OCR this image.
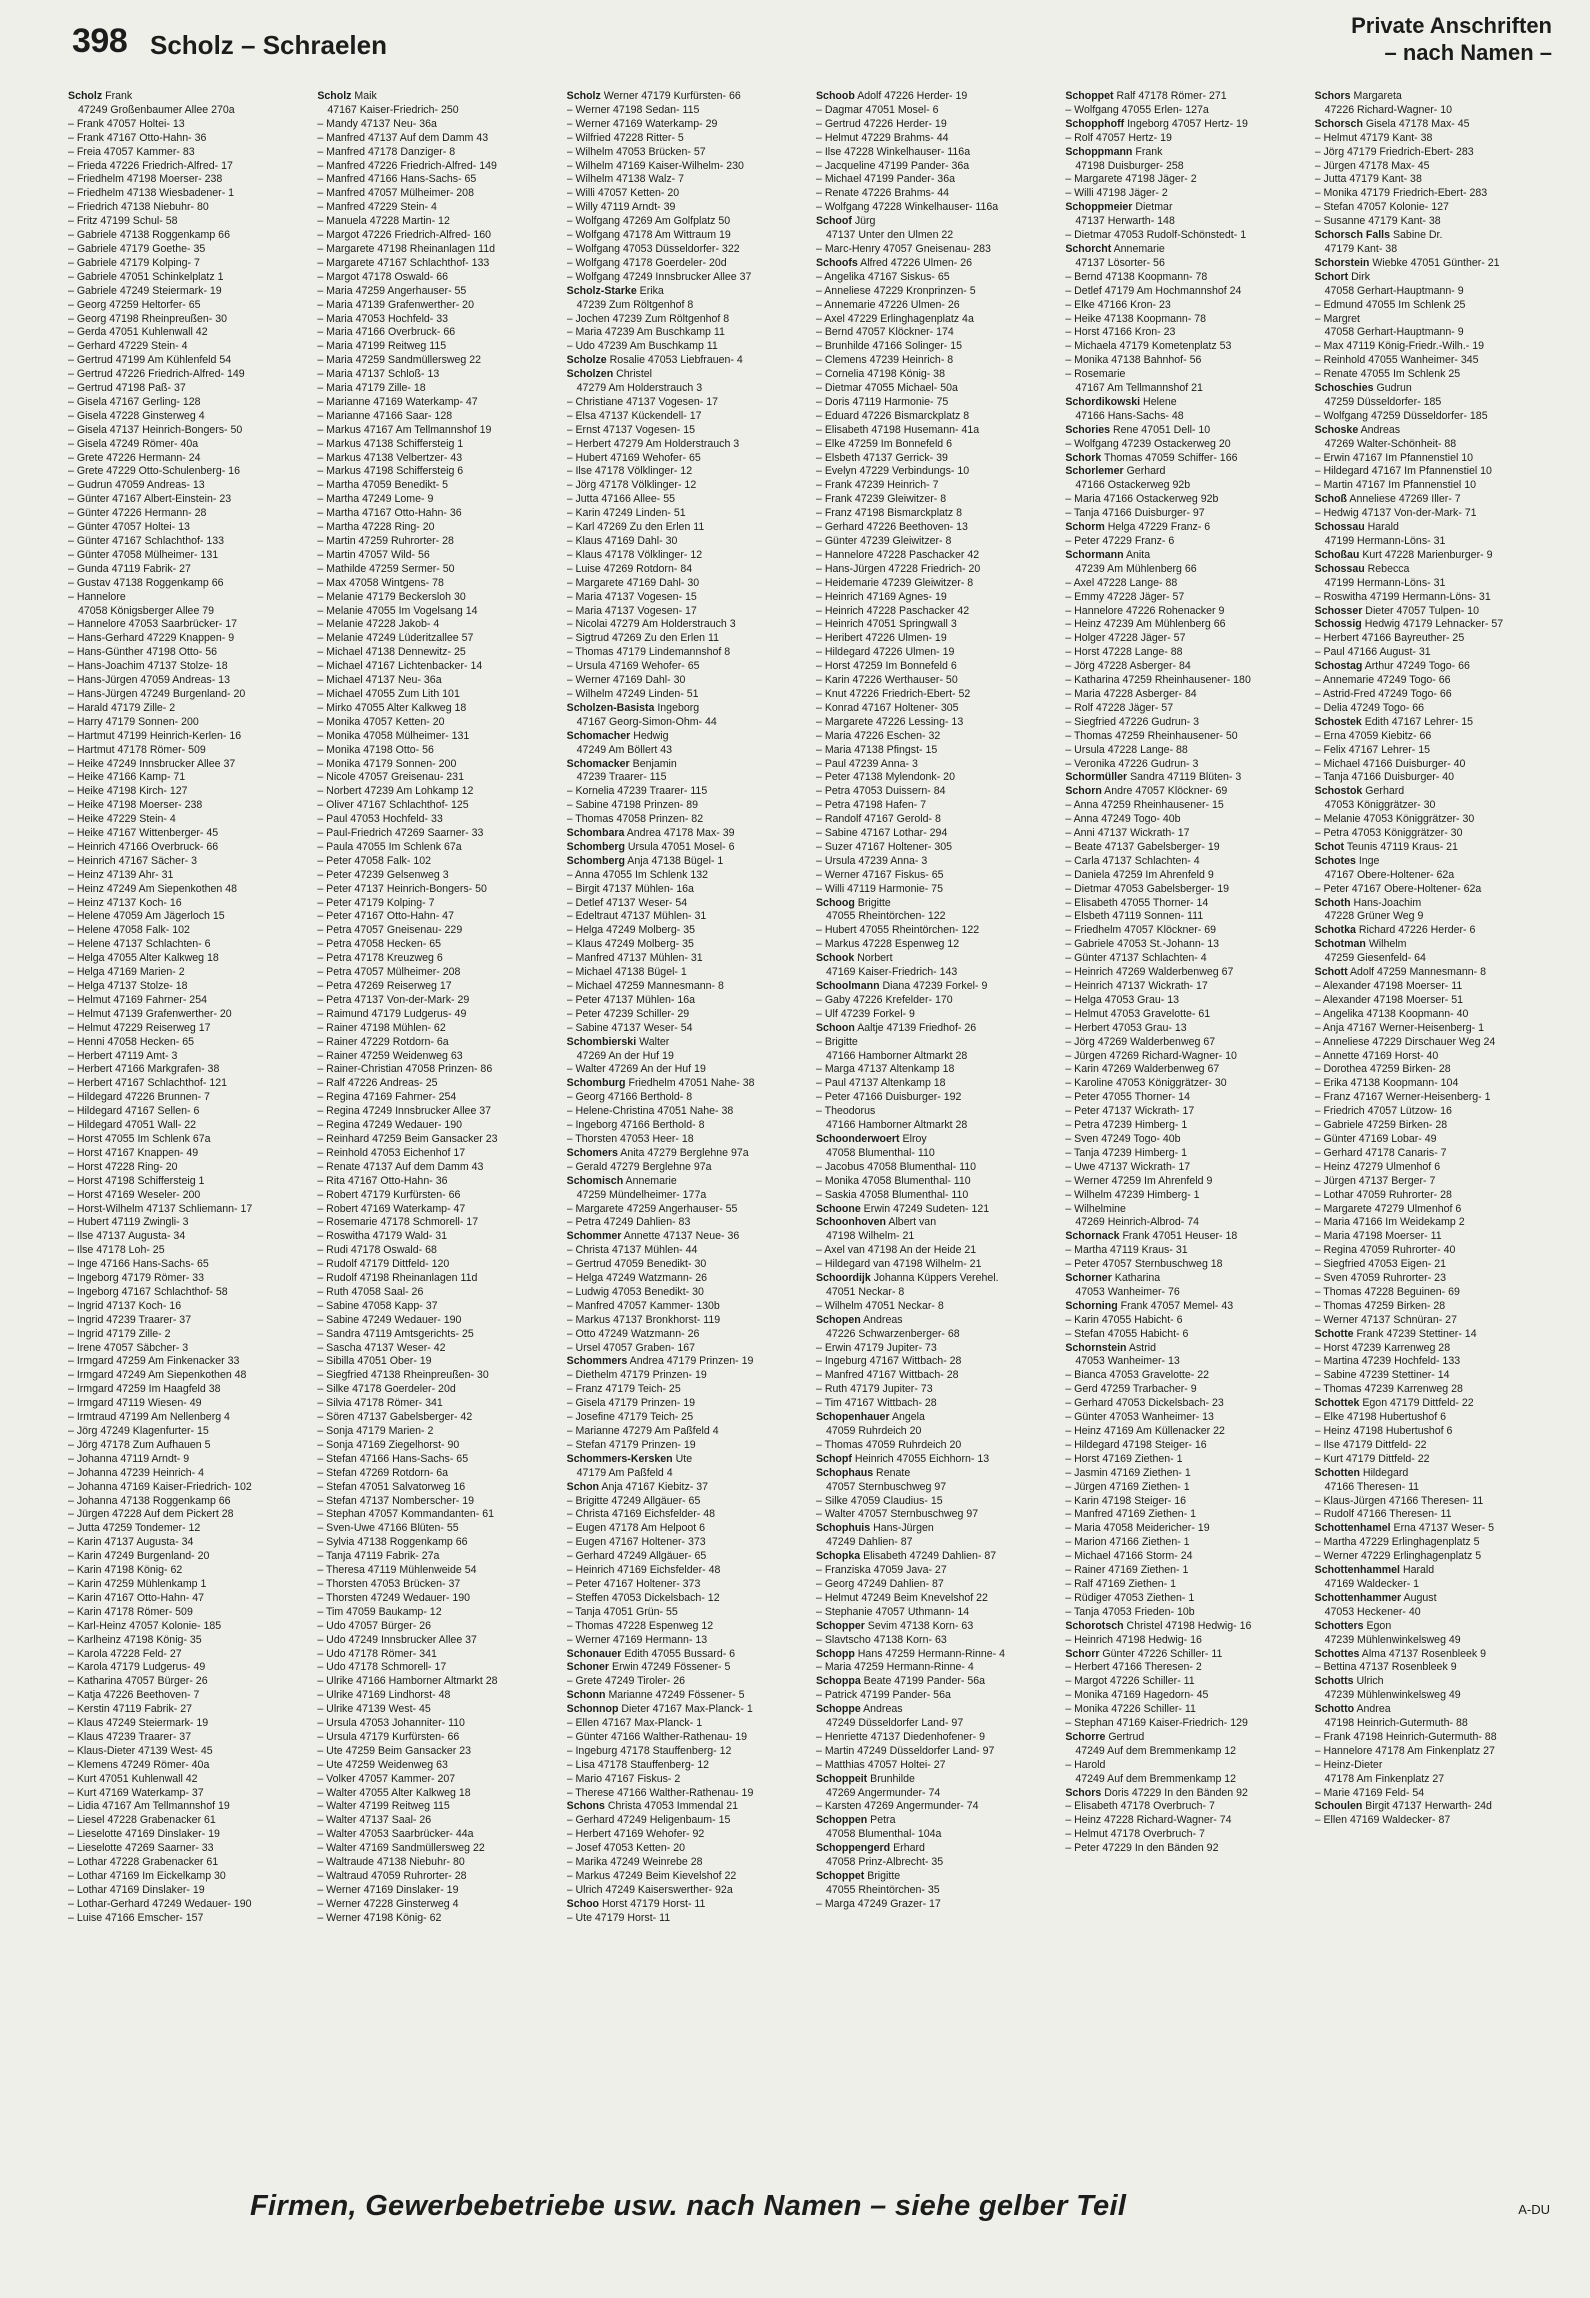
398 Scholz – Schraelen
Private Anschriften
– nach Namen –
Scholz Frank
47249 Großenbaumer Allee 270a
– Frank 47057 Holtei- 13
– Frank 47167 Otto-Hahn- 36
– Freia 47057 Kammer- 83
– Frieda 47226 Friedrich-Alfred- 17
– Friedhelm 47198 Moerser- 238
– Friedhelm 47138 Wiesbadener- 1
– Friedrich 47138 Niebuhr- 80
– Fritz 47199 Schul- 58
– Gabriele 47138 Roggenkamp 66
– Gabriele 47179 Goethe- 35
– Gabriele 47179 Kolping- 7
– Gabriele 47051 Schinkelplatz 1
– Gabriele 47249 Steiermark- 19
– Georg 47259 Heltorfer- 65
– Georg 47198 Rheinpreußen- 30
– Gerda 47051 Kuhlenwall 42
– Gerhard 47229 Stein- 4
– Gertrud 47199 Am Kühlenfeld 54
– Gertrud 47226 Friedrich-Alfred- 149
– Gertrud 47198 Paß- 37
– Gisela 47167 Gerling- 128
– Gisela 47228 Ginsterweg 4
– Gisela 47137 Heinrich-Bongers- 50
– Gisela 47249 Römer- 40a
– Grete 47226 Hermann- 24
– Grete 47229 Otto-Schulenberg- 16
– Gudrun 47059 Andreas- 13
– Günter 47167 Albert-Einstein- 23
– Günter 47226 Hermann- 28
– Günter 47057 Holtei- 13
– Günter 47167 Schlachthof- 133
– Günter 47058 Mülheimer- 131
– Gunda 47119 Fabrik- 27
– Gustav 47138 Roggenkamp 66
– Hannelore
47058 Königsberger Allee 79
– Hannelore 47053 Saarbrücker- 17
– Hans-Gerhard 47229 Knappen- 9
– Hans-Günther 47198 Otto- 56
– Hans-Joachim 47137 Stolze- 18
– Hans-Jürgen 47059 Andreas- 13
– Hans-Jürgen 47249 Burgenland- 20
– Harald 47179 Zille- 2
– Harry 47179 Sonnen- 200
– Hartmut 47199 Heinrich-Kerlen- 16
– Hartmut 47178 Römer- 509
– Heike 47249 Innsbrucker Allee 37
– Heike 47166 Kamp- 71
– Heike 47198 Kirch- 127
– Heike 47198 Moerser- 238
– Heike 47229 Stein- 4
– Heike 47167 Wittenberger- 45
– Heinrich 47166 Overbruck- 66
– Heinrich 47167 Sächer- 3
– Heinz 47139 Ahr- 31
– Heinz 47249 Am Siepenkothen 48
– Heinz 47137 Koch- 16
– Helene 47059 Am Jägerloch 15
– Helene 47058 Falk- 102
– Helene 47137 Schlachten- 6
– Helga 47055 Alter Kalkweg 18
– Helga 47169 Marien- 2
– Helga 47137 Stolze- 18
– Helmut 47169 Fahrner- 254
– Helmut 47139 Grafenwerther- 20
– Helmut 47229 Reiserweg 17
– Henni 47058 Hecken- 65
– Herbert 47119 Amt- 3
– Herbert 47166 Markgrafen- 38
– Herbert 47167 Schlachthof- 121
– Hildegard 47226 Brunnen- 7
– Hildegard 47167 Sellen- 6
– Hildegard 47051 Wall- 22
– Horst 47055 Im Schlenk 67a
– Horst 47167 Knappen- 49
– Horst 47228 Ring- 20
– Horst 47198 Schiffersteig 1
– Horst 47169 Weseler- 200
– Horst-Wilhelm 47137 Schliemann- 17
– Hubert 47119 Zwingli- 3
– Ilse 47137 Augusta- 34
– Ilse 47178 Loh- 25
– Inge 47166 Hans-Sachs- 65
– Ingeborg 47179 Römer- 33
– Ingeborg 47167 Schlachthof- 58
– Ingrid 47137 Koch- 16
– Ingrid 47239 Traarer- 37
– Ingrid 47179 Zille- 2
– Irene 47057 Säbcher- 3
– Irmgard 47259 Am Finkenacker 33
– Irmgard 47249 Am Siepenkothen 48
– Irmgard 47259 Im Haagfeld 38
– Irmgard 47119 Wiesen- 49
– Irmtraud 47199 Am Nellenberg 4
– Jörg 47249 Klagenfurter- 15
– Jörg 47178 Zum Aufhauen 5
– Johanna 47119 Arndt- 9
– Johanna 47239 Heinrich- 4
– Johanna 47169 Kaiser-Friedrich- 102
– Johanna 47138 Roggenkamp 66
– Jürgen 47228 Auf dem Pickert 28
– Jutta 47259 Tondemer- 12
– Karin 47137 Augusta- 34
– Karin 47249 Burgenland- 20
– Karin 47198 König- 62
– Karin 47259 Mühlenkamp 1
– Karin 47167 Otto-Hahn- 47
– Karin 47178 Römer- 509
– Karl-Heinz 47057 Kolonie- 185
– Karlheinz 47198 König- 35
– Karola 47228 Feld- 27
– Karola 47179 Ludgerus- 49
– Katharina 47057 Bürger- 26
– Katja 47226 Beethoven- 7
– Kerstin 47119 Fabrik- 27
– Klaus 47249 Steiermark- 19
– Klaus 47239 Traarer- 37
– Klaus-Dieter 47139 West- 45
– Klemens 47249 Römer- 40a
– Kurt 47051 Kuhlenwall 42
– Kurt 47169 Waterkamp- 37
– Lidia 47167 Am Tellmannshof 19
– Liesel 47228 Grabenacker 61
– Lieselotte 47169 Dinslaker- 19
– Lieselotte 47269 Saarner- 33
– Lothar 47228 Grabenacker 61
– Lothar 47169 Im Eickelkamp 30
– Lothar 47169 Dinslaker- 19
– Lothar-Gerhard 47249 Wedauer- 190
– Luise 47166 Emscher- 157
Scholz Maik
47167 Kaiser-Friedrich- 250
– Mandy 47137 Neu- 36a
– Manfred 47137 Auf dem Damm 43
– Manfred 47178 Danziger- 8
– Manfred 47226 Friedrich-Alfred- 149
– Manfred 47166 Hans-Sachs- 65
– Manfred 47057 Mülheimer- 208
– Manfred 47229 Stein- 4
– Manuela 47228 Martin- 12
– Margot 47226 Friedrich-Alfred- 160
– Margarete 47198 Rheinanlagen 11d
– Margarete 47167 Schlachthof- 133
– Margot 47178 Oswald- 66
– Maria 47259 Angerhauser- 55
– Maria 47139 Grafenwerther- 20
– Maria 47053 Hochfeld- 33
– Maria 47166 Overbruck- 66
– Maria 47199 Reitweg 115
– Maria 47259 Sandmüllersweg 22
– Maria 47137 Schloß- 13
– Maria 47179 Zille- 18
– Marianne 47169 Waterkamp- 47
– Marianne 47166 Saar- 128
– Markus 47167 Am Tellmannshof 19
– Markus 47138 Schiffersteig 1
– Markus 47138 Velbertzer- 43
– Markus 47198 Schiffersteig 6
– Martha 47059 Benedikt- 5
– Martha 47249 Lome- 9
– Martha 47167 Otto-Hahn- 36
– Martha 47228 Ring- 20
– Martin 47259 Ruhrorter- 28
– Martin 47057 Wild- 56
– Mathilde 47259 Sermer- 50
– Max 47058 Wintgens- 78
– Melanie 47179 Beckersloh 30
– Melanie 47055 Im Vogelsang 14
– Melanie 47228 Jakob- 4
– Melanie 47249 Lüderitzallee 57
– Michael 47138 Dennewitz- 25
– Michael 47167 Lichtenbacker- 14
– Michael 47137 Neu- 36a
– Michael 47055 Zum Lith 101
– Mirko 47055 Alter Kalkweg 18
– Monika 47057 Ketten- 20
– Monika 47058 Mülheimer- 131
– Monika 47198 Otto- 56
– Monika 47179 Sonnen- 200
– Nicole 47057 Greisenau- 231
– Norbert 47239 Am Lohkamp 12
– Oliver 47167 Schlachthof- 125
– Paul 47053 Hochfeld- 33
– Paul-Friedrich 47269 Saarner- 33
– Paula 47055 Im Schlenk 67a
– Peter 47058 Falk- 102
– Peter 47239 Gelsenweg 3
– Peter 47137 Heinrich-Bongers- 50
– Peter 47179 Kolping- 7
– Peter 47167 Otto-Hahn- 47
– Petra 47057 Gneisenau- 229
– Petra 47058 Hecken- 65
– Petra 47178 Kreuzweg 6
– Petra 47057 Mülheimer- 208
– Petra 47269 Reiserweg 17
– Petra 47137 Von-der-Mark- 29
– Raimund 47179 Ludgerus- 49
– Rainer 47198 Mühlen- 62
– Rainer 47229 Rotdorn- 6a
– Rainer 47259 Weidenweg 63
– Rainer-Christian 47058 Prinzen- 86
– Ralf 47226 Andreas- 25
– Regina 47169 Fahrner- 254
– Regina 47249 Innsbrucker Allee 37
– Regina 47249 Wedauer- 190
– Reinhard 47259 Beim Gansacker 23
– Reinhold 47053 Eichenhof 17
– Renate 47137 Auf dem Damm 43
– Rita 47167 Otto-Hahn- 36
– Robert 47179 Kurfürsten- 66
– Robert 47169 Waterkamp- 47
– Rosemarie 47178 Schmorell- 17
– Roswitha 47179 Wald- 31
– Rudi 47178 Oswald- 68
– Rudolf 47179 Dittfeld- 120
– Rudolf 47198 Rheinanlagen 11d
– Ruth 47058 Saal- 26
– Sabine 47058 Kapp- 37
– Sabine 47249 Wedauer- 190
– Sandra 47119 Amtsgerichts- 25
– Sascha 47137 Weser- 42
– Sibilla 47051 Ober- 19
– Siegfried 47138 Rheinpreußen- 30
– Silke 47178 Goerdeler- 20d
– Silvia 47178 Römer- 341
– Sören 47137 Gabelsberger- 42
– Sonja 47179 Marien- 2
– Sonja 47169 Ziegelhorst- 90
– Stefan 47166 Hans-Sachs- 65
– Stefan 47269 Rotdorn- 6a
– Stefan 47051 Salvatorweg 16
– Stefan 47137 Nomberscher- 19
– Stephan 47057 Kommandanten- 61
– Sven-Uwe 47166 Blüten- 55
– Sylvia 47138 Roggenkamp 66
– Tanja 47119 Fabrik- 27a
– Theresa 47119 Mühlenweide 54
– Thorsten 47053 Brücken- 37
– Thorsten 47249 Wedauer- 190
– Tim 47059 Baukamp- 12
– Udo 47057 Bürger- 26
– Udo 47249 Innsbrucker Allee 37
– Udo 47178 Römer- 341
– Udo 47178 Schmorell- 17
– Ulrike 47166 Hamborner Altmarkt 28
– Ulrike 47169 Lindhorst- 48
– Ulrike 47139 West- 45
– Ursula 47053 Johanniter- 110
– Ursula 47179 Kurfürsten- 66
– Ute 47259 Beim Gansacker 23
– Ute 47259 Weidenweg 63
– Volker 47057 Kammer- 207
– Walter 47055 Alter Kalkweg 18
– Walter 47199 Reitweg 115
– Walter 47137 Saal- 26
– Walter 47053 Saarbrücker- 44a
– Walter 47169 Sandmüllersweg 22
– Waltraude 47138 Niebuhr- 80
– Waltraud 47059 Ruhrorter- 28
– Werner 47169 Dinslaker- 19
– Werner 47228 Ginsterweg 4
– Werner 47198 König- 62
Scholz Werner 47179 Kurfürsten- 66
– Werner 47198 Sedan- 115
– Werner 47169 Waterkamp- 29
– Wilfried 47228 Ritter- 5
– Wilhelm 47053 Brücken- 57
– Wilhelm 47169 Kaiser-Wilhelm- 230
– Wilhelm 47138 Walz- 7
– Willi 47057 Ketten- 20
– Willy 47119 Arndt- 39
– Wolfgang 47269 Am Golfplatz 50
– Wolfgang 47178 Am Wittraum 19
– Wolfgang 47053 Düsseldorfer- 322
– Wolfgang 47178 Goerdeler- 20d
– Wolfgang 47249 Innsbrucker Allee 37
Scholz-Starke Erika
47239 Zum Röltgenhof 8
– Jochen 47239 Zum Röltgenhof 8
– Maria 47239 Am Buschkamp 11
– Udo 47239 Am Buschkamp 11
Scholze Rosalie 47053 Liebfrauen- 4
Scholzen Christel
47279 Am Holderstrauch 3
– Christiane 47137 Vogesen- 17
– Elsa 47137 Kückendell- 17
– Ernst 47137 Vogesen- 15
– Herbert 47279 Am Holderstrauch 3
– Hubert 47169 Wehofer- 65
– Ilse 47178 Völklinger- 12
– Jörg 47178 Völklinger- 12
– Jutta 47166 Allee- 55
– Karin 47249 Linden- 51
– Karl 47269 Zu den Erlen 11
– Klaus 47169 Dahl- 30
– Klaus 47178 Völklinger- 12
– Luise 47269 Rotdorn- 84
– Margarete 47169 Dahl- 30
– Maria 47137 Vogesen- 15
– Maria 47137 Vogesen- 17
– Nicolai 47279 Am Holderstrauch 3
– Sigtrud 47269 Zu den Erlen 11
– Thomas 47179 Lindemannshof 8
– Ursula 47169 Wehofer- 65
– Werner 47169 Dahl- 30
– Wilhelm 47249 Linden- 51
Scholzen-Basista Ingeborg
47167 Georg-Simon-Ohm- 44
Schomacher Hedwig
47249 Am Böllert 43
Schomacker Benjamin
47239 Traarer- 115
– Kornelia 47239 Traarer- 115
– Sabine 47198 Prinzen- 89
– Thomas 47058 Prinzen- 82
Schombara Andrea 47178 Max- 39
Schomberg Ursula 47051 Mosel- 6
Schomberg Anja 47138 Bügel- 1
– Anna 47055 Im Schlenk 132
– Birgit 47137 Mühlen- 16a
– Detlef 47137 Weser- 54
– Edeltraut 47137 Mühlen- 31
– Helga 47249 Molberg- 35
– Klaus 47249 Molberg- 35
– Manfred 47137 Mühlen- 31
– Michael 47138 Bügel- 1
– Michael 47259 Mannesmann- 8
– Peter 47137 Mühlen- 16a
– Peter 47239 Schiller- 29
– Sabine 47137 Weser- 54
Schombierski Walter
47269 An der Huf 19
– Walter 47269 An der Huf 19
Schomburg Friedhelm 47051 Nahe- 38
– Georg 47166 Berthold- 8
– Helene-Christina 47051 Nahe- 38
– Ingeborg 47166 Berthold- 8
– Thorsten 47053 Heer- 18
Schomers Anita 47279 Berglehne 97a
– Gerald 47279 Berglehne 97a
Schomisch Annemarie
47259 Mündelheimer- 177a
– Margarete 47259 Angerhauser- 55
– Petra 47249 Dahlien- 83
Schommer Annette 47137 Neue- 36
– Christa 47137 Mühlen- 44
– Gertrud 47059 Benedikt- 30
– Helga 47249 Watzmann- 26
– Ludwig 47053 Benedikt- 30
– Manfred 47057 Kammer- 130b
– Markus 47137 Bronkhorst- 119
– Otto 47249 Watzmann- 26
– Ursel 47057 Graben- 167
Schommers Andrea 47179 Prinzen- 19
– Diethelm 47179 Prinzen- 19
– Franz 47179 Teich- 25
– Gisela 47179 Prinzen- 19
– Josefine 47179 Teich- 25
– Marianne 47279 Am Paßfeld 4
– Stefan 47179 Prinzen- 19
Schommers-Kersken Ute
47179 Am Paßfeld 4
Schon Anja 47167 Kiebitz- 37
– Brigitte 47249 Allgäuer- 65
– Christa 47169 Eichsfelder- 48
– Eugen 47178 Am Helpoot 6
– Eugen 47167 Holtener- 373
– Gerhard 47249 Allgäuer- 65
– Heinrich 47169 Eichsfelder- 48
– Peter 47167 Holtener- 373
– Steffen 47053 Dickelsbach- 12
– Tanja 47051 Grün- 55
– Thomas 47228 Espenweg 12
– Werner 47169 Hermann- 13
Schonauer Edith 47055 Bussard- 6
Schoner Erwin 47249 Fössener- 5
– Grete 47249 Tiroler- 26
Schonn Marianne 47249 Fössener- 5
Schonnop Dieter 47167 Max-Planck- 1
– Ellen 47167 Max-Planck- 1
– Günter 47166 Walther-Rathenau- 19
– Ingeburg 47178 Stauffenberg- 12
– Lisa 47178 Stauffenberg- 12
– Mario 47167 Fiskus- 2
– Therese 47166 Walther-Rathenau- 19
Schons Christa 47053 Immendal 21
– Gerhard 47249 Heligenbaum- 15
– Herbert 47169 Wehofer- 92
– Josef 47053 Ketten- 20
– Marika 47249 Weinrebe 28
– Markus 47249 Beim Kievelshof 22
– Ulrich 47249 Kaiserswerther- 92a
Schoo Horst 47179 Horst- 11
– Ute 47179 Horst- 11
Schoob Adolf 47226 Herder- 19
– Dagmar 47051 Mosel- 6
– Gertrud 47226 Herder- 19
– Helmut 47229 Brahms- 44
– Ilse 47228 Winkelhauser- 116a
– Jacqueline 47199 Pander- 36a
– Michael 47199 Pander- 36a
– Renate 47226 Brahms- 44
– Wolfgang 47228 Winkelhauser- 116a
Schoof Jürg
47137 Unter den Ulmen 22
– Marc-Henry 47057 Gneisenau- 283
Schoofs Alfred 47226 Ulmen- 26
– Angelika 47167 Siskus- 65
– Anneliese 47229 Kronprinzen- 5
– Annemarie 47226 Ulmen- 26
– Axel 47229 Erlinghagenplatz 4a
– Bernd 47057 Klöckner- 174
– Brunhilde 47166 Solinger- 15
– Clemens 47239 Heinrich- 8
– Cornelia 47198 König- 38
– Dietmar 47055 Michael- 50a
– Doris 47119 Harmonie- 75
– Eduard 47226 Bismarckplatz 8
– Elisabeth 47198 Husemann- 41a
– Elke 47259 Im Bonnefeld 6
– Elsbeth 47137 Gerrick- 39
– Evelyn 47229 Verbindungs- 10
– Frank 47239 Heinrich- 7
– Frank 47239 Gleiwitzer- 8
– Franz 47198 Bismarckplatz 8
– Gerhard 47226 Beethoven- 13
– Günter 47239 Gleiwitzer- 8
– Hannelore 47228 Paschacker 42
– Hans-Jürgen 47228 Friedrich- 20
– Heidemarie 47239 Gleiwitzer- 8
– Heinrich 47169 Agnes- 19
– Heinrich 47228 Paschacker 42
– Heinrich 47051 Springwall 3
– Heribert 47226 Ulmen- 19
– Hildegard 47226 Ulmen- 19
– Horst 47259 Im Bonnefeld 6
– Karin 47226 Werthauser- 50
– Knut 47226 Friedrich-Ebert- 52
– Konrad 47167 Holtener- 305
– Margarete 47226 Lessing- 13
– Maria 47226 Eschen- 32
– Maria 47138 Pfingst- 15
– Paul 47239 Anna- 3
– Peter 47138 Mylendonk- 20
– Petra 47053 Duissern- 84
– Petra 47198 Hafen- 7
– Randolf 47167 Gerold- 8
– Sabine 47167 Lothar- 294
– Suzer 47167 Holtener- 305
– Ursula 47239 Anna- 3
– Werner 47167 Fiskus- 65
– Willi 47119 Harmonie- 75
Schoog Brigitte
47055 Rheintörchen- 122
– Hubert 47055 Rheintörchen- 122
– Markus 47228 Espenweg 12
Schook Norbert
47169 Kaiser-Friedrich- 143
Schoolmann Diana 47239 Forkel- 9
– Gaby 47226 Krefelder- 170
– Ulf 47239 Forkel- 9
Schoon Aaltje 47139 Friedhof- 26
– Brigitte
47166 Hamborner Altmarkt 28
– Marga 47137 Altenkamp 18
– Paul 47137 Altenkamp 18
– Peter 47166 Duisburger- 192
– Theodorus
47166 Hamborner Altmarkt 28
Schoonderwoert Elroy
47058 Blumenthal- 110
– Jacobus 47058 Blumenthal- 110
– Monika 47058 Blumenthal- 110
– Saskia 47058 Blumenthal- 110
Schoone Erwin 47249 Sudeten- 121
Schoonhoven Albert van
47198 Wilhelm- 21
– Axel van 47198 An der Heide 21
– Hildegard van 47198 Wilhelm- 21
Schoordijk Johanna Küppers Verehel.
47051 Neckar- 8
– Wilhelm 47051 Neckar- 8
Schopen Andreas
47226 Schwarzenberger- 68
– Erwin 47179 Jupiter- 73
– Ingeburg 47167 Wittbach- 28
– Manfred 47167 Wittbach- 28
– Ruth 47179 Jupiter- 73
– Tim 47167 Wittbach- 28
Schopenhauer Angela
47059 Ruhrdeich 20
– Thomas 47059 Ruhrdeich 20
Schopf Heinrich 47055 Eichhorn- 13
Schophaus Renate
47057 Sternbuschweg 97
– Silke 47059 Claudius- 15
– Walter 47057 Sternbuschweg 97
Schophuis Hans-Jürgen
47249 Dahlien- 87
Schopka Elisabeth 47249 Dahlien- 87
– Franziska 47059 Java- 27
– Georg 47249 Dahlien- 87
– Helmut 47249 Beim Knevelshof 22
– Stephanie 47057 Uthmann- 14
Schopper Sevim 47138 Korn- 63
– Slavtscho 47138 Korn- 63
Schopp Hans 47259 Hermann-Rinne- 4
– Maria 47259 Hermann-Rinne- 4
Schoppa Beate 47199 Pander- 56a
– Patrick 47199 Pander- 56a
Schoppe Andreas
47249 Düsseldorfer Land- 97
– Henriette 47137 Diedenhofener- 9
– Martin 47249 Düsseldorfer Land- 97
– Matthias 47057 Holtei- 27
Schoppeit Brunhilde
47269 Angermunder- 74
– Karsten 47269 Angermunder- 74
Schoppen Petra
47058 Blumenthal- 104a
Schoppengerd Erhard
47058 Prinz-Albrecht- 35
Schoppet Brigitte
47055 Rheintörchen- 35
– Marga 47249 Grazer- 17
Schoppet Ralf 47178 Römer- 271
– Wolfgang 47055 Erlen- 127a
Schopphoff Ingeborg 47057 Hertz- 19
– Rolf 47057 Hertz- 19
Schoppmann Frank
47198 Duisburger- 258
– Margarete 47198 Jäger- 2
– Willi 47198 Jäger- 2
Schoppmeier Dietmar
47137 Herwarth- 148
– Dietmar 47053 Rudolf-Schönstedt- 1
Schorcht Annemarie
47137 Lösorter- 56
– Bernd 47138 Koopmann- 78
– Detlef 47179 Am Hochmannshof 24
– Elke 47166 Kron- 23
– Heike 47138 Koopmann- 78
– Horst 47166 Kron- 23
– Michaela 47179 Kometenplatz 53
– Monika 47138 Bahnhof- 56
– Rosemarie
47167 Am Tellmannshof 21
Schordikowski Helene
47166 Hans-Sachs- 48
Schories Rene 47051 Dell- 10
– Wolfgang 47239 Ostackerweg 20
Schork Thomas 47059 Schiffer- 166
Schorlemer Gerhard
47166 Ostackerweg 92b
– Maria 47166 Ostackerweg 92b
– Tanja 47166 Duisburger- 97
Schorm Helga 47229 Franz- 6
– Peter 47229 Franz- 6
Schormann Anita
47239 Am Mühlenberg 66
– Axel 47228 Lange- 88
– Emmy 47228 Jäger- 57
– Hannelore 47226 Rohenacker 9
– Heinz 47239 Am Mühlenberg 66
– Holger 47228 Jäger- 57
– Horst 47228 Lange- 88
– Jörg 47228 Asberger- 84
– Katharina 47259 Rheinhausener- 180
– Maria 47228 Asberger- 84
– Rolf 47228 Jäger- 57
– Siegfried 47226 Gudrun- 3
– Thomas 47259 Rheinhausener- 50
– Ursula 47228 Lange- 88
– Veronika 47226 Gudrun- 3
Schormüller Sandra 47119 Blüten- 3
Schorn Andre 47057 Klöckner- 69
– Anna 47259 Rheinhausener- 15
– Anna 47249 Togo- 40b
– Anni 47137 Wickrath- 17
– Beate 47137 Gabelsberger- 19
– Carla 47137 Schlachten- 4
– Daniela 47259 Im Ahrenfeld 9
– Dietmar 47053 Gabelsberger- 19
– Elisabeth 47055 Thorner- 14
– Elsbeth 47119 Sonnen- 111
– Friedhelm 47057 Klöckner- 69
– Gabriele 47053 St.-Johann- 13
– Günter 47137 Schlachten- 4
– Heinrich 47269 Walderbenweg 67
– Heinrich 47137 Wickrath- 17
– Helga 47053 Grau- 13
– Helmut 47053 Gravelotte- 61
– Herbert 47053 Grau- 13
– Jörg 47269 Walderbenweg 67
– Jürgen 47269 Richard-Wagner- 10
– Karin 47269 Walderbenweg 67
– Karoline 47053 Königgrätzer- 30
– Peter 47055 Thorner- 14
– Peter 47137 Wickrath- 17
– Petra 47239 Himberg- 1
– Sven 47249 Togo- 40b
– Tanja 47239 Himberg- 1
– Uwe 47137 Wickrath- 17
– Werner 47259 Im Ahrenfeld 9
– Wilhelm 47239 Himberg- 1
– Wilhelmine
47269 Heinrich-Albrod- 74
Schornack Frank 47051 Heuser- 18
– Martha 47119 Kraus- 31
– Peter 47057 Sternbuschweg 18
Schorner Katharina
47053 Wanheimer- 76
Schorning Frank 47057 Memel- 43
– Karin 47055 Habicht- 6
– Stefan 47055 Habicht- 6
Schornstein Astrid
47053 Wanheimer- 13
– Bianca 47053 Gravelotte- 22
– Gerd 47259 Trarbacher- 9
– Gerhard 47053 Dickelsbach- 23
– Günter 47053 Wanheimer- 13
– Heinz 47169 Am Küllenacker 22
– Hildegard 47198 Steiger- 16
– Horst 47169 Ziethen- 1
– Jasmin 47169 Ziethen- 1
– Jürgen 47169 Ziethen- 1
– Karin 47198 Steiger- 16
– Manfred 47169 Ziethen- 1
– Maria 47058 Meidericher- 19
– Marion 47166 Ziethen- 1
– Michael 47166 Storm- 24
– Rainer 47169 Ziethen- 1
– Ralf 47169 Ziethen- 1
– Rüdiger 47053 Ziethen- 1
– Tanja 47053 Frieden- 10b
Schorotsch Christel 47198 Hedwig- 16
– Heinrich 47198 Hedwig- 16
Schorr Günter 47226 Schiller- 11
– Herbert 47166 Theresen- 2
– Margot 47226 Schiller- 11
– Monika 47169 Hagedorn- 45
– Monika 47226 Schiller- 11
– Stephan 47169 Kaiser-Friedrich- 129
Schorre Gertrud
47249 Auf dem Bremmenkamp 12
– Harold
47249 Auf dem Bremmenkamp 12
Schors Doris 47229 In den Bänden 92
– Elisabeth 47178 Overbruch- 7
– Heinz 47228 Richard-Wagner- 74
– Helmut 47178 Overbruch- 7
– Peter 47229 In den Bänden 92
Schors Margareta
47226 Richard-Wagner- 10
Schorsch Gisela 47178 Max- 45
– Helmut 47179 Kant- 38
– Jörg 47179 Friedrich-Ebert- 283
– Jürgen 47178 Max- 45
– Jutta 47179 Kant- 38
– Monika 47179 Friedrich-Ebert- 283
– Stefan 47057 Kolonie- 127
– Susanne 47179 Kant- 38
Schorsch Falls Sabine Dr.
47179 Kant- 38
Schorstein Wiebke 47051 Günther- 21
Schort Dirk
47058 Gerhart-Hauptmann- 9
– Edmund 47055 Im Schlenk 25
– Margret
47058 Gerhart-Hauptmann- 9
– Max 47119 König-Friedr.-Wilh.- 19
– Reinhold 47055 Wanheimer- 345
– Renate 47055 Im Schlenk 25
Schoschies Gudrun
47259 Düsseldorfer- 185
– Wolfgang 47259 Düsseldorfer- 185
Schoske Andreas
47269 Walter-Schönheit- 88
– Erwin 47167 Im Pfannenstiel 10
– Hildegard 47167 Im Pfannenstiel 10
– Martin 47167 Im Pfannenstiel 10
Schoß Anneliese 47269 Iller- 7
– Hedwig 47137 Von-der-Mark- 71
Schossau Harald
47199 Hermann-Löns- 31
Schoßau Kurt 47228 Marienburger- 9
Schossau Rebecca
47199 Hermann-Löns- 31
– Roswitha 47199 Hermann-Löns- 31
Schosser Dieter 47057 Tulpen- 10
Schossig Hedwig 47179 Lehnacker- 57
– Herbert 47166 Bayreuther- 25
– Paul 47166 August- 31
Schostag Arthur 47249 Togo- 66
– Annemarie 47249 Togo- 66
– Astrid-Fred 47249 Togo- 66
– Delia 47249 Togo- 66
Schostek Edith 47167 Lehrer- 15
– Erna 47059 Kiebitz- 66
– Felix 47167 Lehrer- 15
– Michael 47166 Duisburger- 40
– Tanja 47166 Duisburger- 40
Schostok Gerhard
47053 Königgrätzer- 30
– Melanie 47053 Königgrätzer- 30
– Petra 47053 Königgrätzer- 30
Schot Teunis 47119 Kraus- 21
Schotes Inge
47167 Obere-Holtener- 62a
– Peter 47167 Obere-Holtener- 62a
Schoth Hans-Joachim
47228 Grüner Weg 9
Schotka Richard 47226 Herder- 6
Schotman Wilhelm
47259 Giesenfeld- 64
Schott Adolf 47259 Mannesmann- 8
– Alexander 47198 Moerser- 11
– Alexander 47198 Moerser- 51
– Angelika 47138 Koopmann- 40
– Anja 47167 Werner-Heisenberg- 1
– Anneliese 47229 Dirschauer Weg 24
– Annette 47169 Horst- 40
– Dorothea 47259 Birken- 28
– Erika 47138 Koopmann- 104
– Franz 47167 Werner-Heisenberg- 1
– Friedrich 47057 Lützow- 16
– Gabriele 47259 Birken- 28
– Günter 47169 Lobar- 49
– Gerhard 47178 Canaris- 7
– Heinz 47279 Ulmenhof 6
– Jürgen 47137 Berger- 7
– Lothar 47059 Ruhrorter- 28
– Margarete 47279 Ulmenhof 6
– Maria 47166 Im Weidekamp 2
– Maria 47198 Moerser- 11
– Regina 47059 Ruhrorter- 40
– Siegfried 47053 Eigen- 21
– Sven 47059 Ruhrorter- 23
– Thomas 47228 Beguinen- 69
– Thomas 47259 Birken- 28
– Werner 47137 Schnüran- 27
Schotte Frank 47239 Stettiner- 14
– Horst 47239 Karrenweg 28
– Martina 47239 Hochfeld- 133
– Sabine 47239 Stettiner- 14
– Thomas 47239 Karrenweg 28
Schottek Egon 47179 Dittfeld- 22
– Elke 47198 Hubertushof 6
– Heinz 47198 Hubertushof 6
– Ilse 47179 Dittfeld- 22
– Kurt 47179 Dittfeld- 22
Schotten Hildegard
47166 Theresen- 11
– Klaus-Jürgen 47166 Theresen- 11
– Rudolf 47166 Theresen- 11
Schottenhamel Erna 47137 Weser- 5
– Martha 47229 Erlinghagenplatz 5
– Werner 47229 Erlinghagenplatz 5
Schottenhammel Harald
47169 Waldecker- 1
Schottenhammer August
47053 Heckener- 40
Schotters Egon
47239 Mühlenwinkelsweg 49
Schottes Alma 47137 Rosenbleek 9
– Bettina 47137 Rosenbleek 9
Schotts Ulrich
47239 Mühlenwinkelsweg 49
Schotto Andrea
47198 Heinrich-Gutermuth- 88
– Frank 47198 Heinrich-Gutermuth- 88
– Hannelore 47178 Am Finkenplatz 27
– Heinz-Dieter
47178 Am Finkenplatz 27
– Marie 47169 Feld- 54
Schoulen Birgit 47137 Herwarth- 24d
– Ellen 47169 Waldecker- 87
Firmen, Gewerbebetriebe usw. nach Namen – siehe gelber Teil	A-DU
